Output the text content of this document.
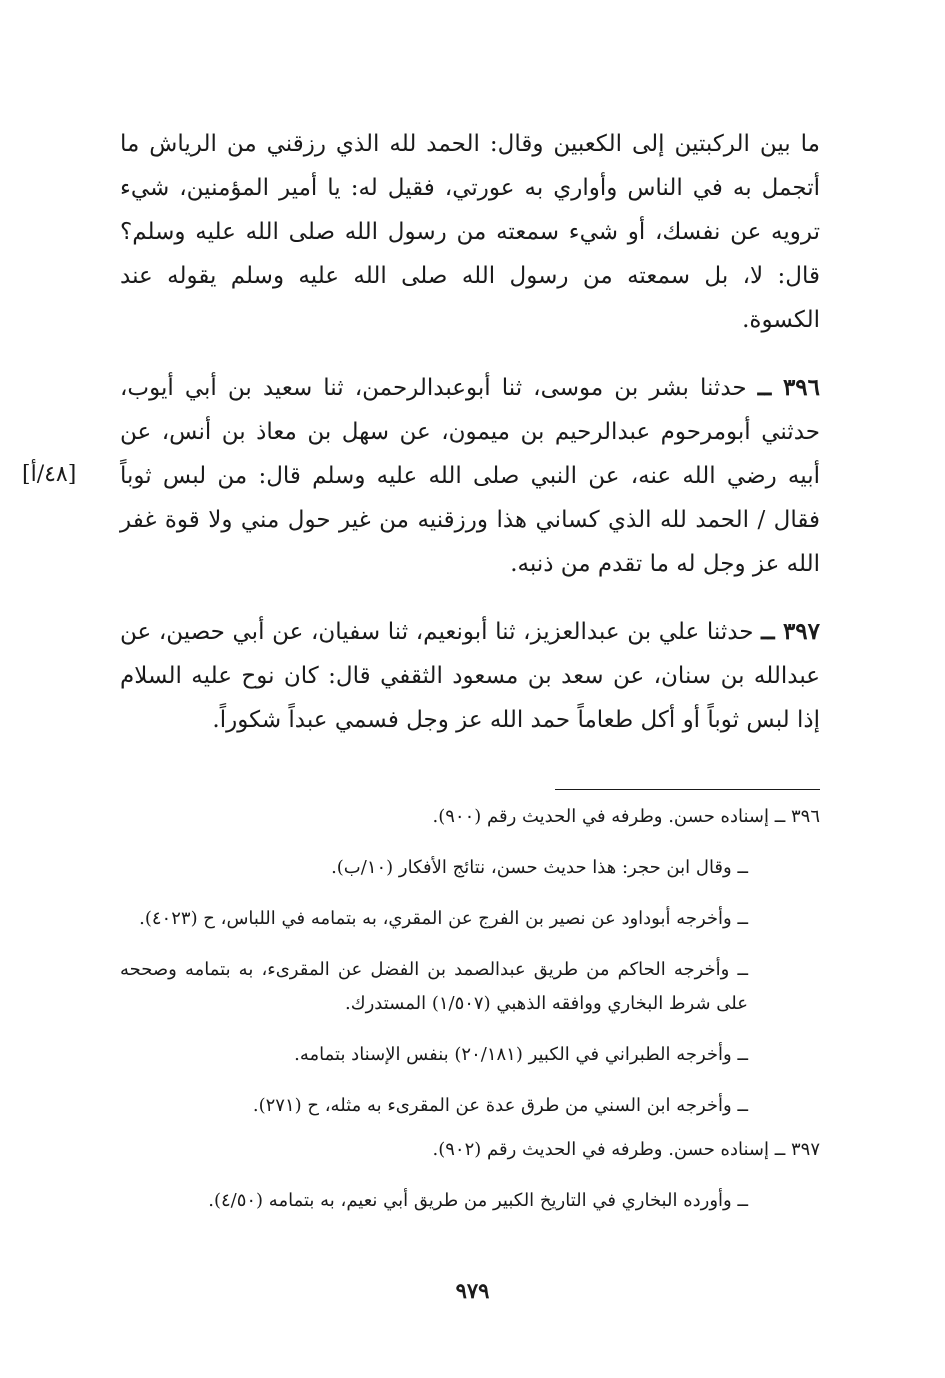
ما بين الركبتين إلى الكعبين وقال: الحمد لله الذي رزقني من الرياش ما أتجمل به في الناس وأواري به عورتي، فقيل له: يا أمير المؤمنين، شيء ترويه عن نفسك، أو شيء سمعته من رسول الله صلى الله عليه وسلم؟ قال: لا، بل سمعته من رسول الله صلى الله عليه وسلم يقوله عند الكسوة.

٣٩٦ ــ حدثنا بشر بن موسى، ثنا أبوعبدالرحمن، ثنا سعيد بن أبي أيوب، حدثني أبومرحوم عبدالرحيم بن ميمون، عن سهل بن معاذ بن أنس، عن أبيه رضي الله عنه، عن النبي صلى الله عليه وسلم قال: من لبس ثوباً فقال / الحمد لله الذي كساني هذا ورزقنيه من غير حول مني ولا قوة غفر الله عز وجل له ما تقدم من ذنبه.

٣٩٧ ــ حدثنا علي بن عبدالعزيز، ثنا أبونعيم، ثنا سفيان، عن أبي حصين، عن عبدالله بن سنان، عن سعد بن مسعود الثقفي قال: كان نوح عليه السلام إذا لبس ثوباً أو أكل طعاماً حمد الله عز وجل فسمي عبداً شكوراً.

[٤٨/أ]

٣٩٦ ــ إسناده حسن. وطرفه في الحديث رقم (٩٠٠).

ــ وقال ابن حجر: هذا حديث حسن، نتائج الأفكار (١٠/ب).

ــ وأخرجه أبوداود عن نصير بن الفرج عن المقري، به بتمامه في اللباس، ح (٤٠٢٣).

ــ وأخرجه الحاكم من طريق عبدالصمد بن الفضل عن المقرىء، به بتمامه وصححه على شرط البخاري ووافقه الذهبي (١/٥٠٧) المستدرك.

ــ وأخرجه الطبراني في الكبير (٢٠/١٨١) بنفس الإسناد بتمامه.

ــ وأخرجه ابن السني من طرق عدة عن المقرىء به مثله، ح (٢٧١).

٣٩٧ ــ إسناده حسن. وطرفه في الحديث رقم (٩٠٢).

ــ وأورده البخاري في التاريخ الكبير من طريق أبي نعيم، به بتمامه (٤/٥٠).

٩٧٩
